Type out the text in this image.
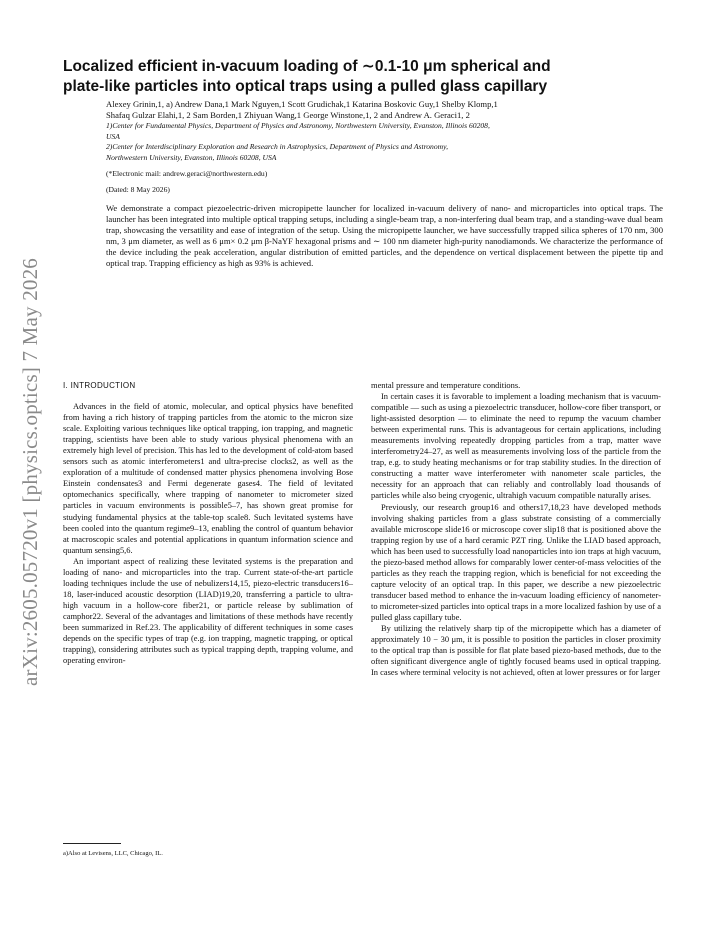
arXiv:2605.05720v1 [physics.optics] 7 May 2026
Localized efficient in-vacuum loading of ∼0.1-10 μm spherical and
plate-like particles into optical traps using a pulled glass capillary
Alexey Grinin,1, a) Andrew Dana,1 Mark Nguyen,1 Scott Grudichak,1 Katarina Boskovic Guy,1 Shelby Klomp,1
Shafaq Gulzar Elahi,1, 2 Sam Borden,1 Zhiyuan Wang,1 George Winstone,1, 2 and Andrew A. Geraci1, 2
1)Center for Fundamental Physics, Department of Physics and Astronomy, Northwestern University, Evanston, Illinois 60208,
USA
2)Center for Interdisciplinary Exploration and Research in Astrophysics, Department of Physics and Astronomy,
Northwestern University, Evanston, Illinois 60208, USA
(*Electronic mail: andrew.geraci@northwestern.edu)
(Dated: 8 May 2026)
We demonstrate a compact piezoelectric-driven micropipette launcher for localized in-vacuum delivery of nano- and microparticles into optical traps. The launcher has been integrated into multiple optical trapping setups, including a single-beam trap, a non-interfering dual beam trap, and a standing-wave dual beam trap, showcasing the versatility and ease of integration of the setup. Using the micropipette launcher, we have successfully trapped silica spheres of 170 nm, 300 nm, 3 μm diameter, as well as 6 μm× 0.2 μm β-NaYF hexagonal prisms and ∼ 100 nm diameter high-purity nanodiamonds. We characterize the performance of the device including the peak acceleration, angular distribution of emitted particles, and the dependence on vertical displacement between the pipette tip and optical trap. Trapping efficiency as high as 93% is achieved.
I. INTRODUCTION

Advances in the field of atomic, molecular, and optical physics have benefited from having a rich history of trapping particles from the atomic to the micron size scale. Exploiting various techniques like optical trapping, ion trapping, and magnetic trapping, scientists have been able to study various physical phenomena with an extremely high level of precision. This has led to the development of cold-atom based sensors such as atomic interferometers1 and ultra-precise clocks2, as well as the exploration of a multitude of condensed matter physics phenomena involving Bose Einstein condensates3 and Fermi degenerate gases4. The field of levitated optomechanics specifically, where trapping of nanometer to micrometer sized particles in vacuum environments is possible5–7, has shown great promise for studying fundamental physics at the table-top scale8. Such levitated systems have been cooled into the quantum regime9–13, enabling the control of quantum behavior at macroscopic scales and potential applications in quantum information science and quantum sensing5,6.

An important aspect of realizing these levitated systems is the preparation and loading of nano- and microparticles into the trap. Current state-of-the-art particle loading techniques include the use of nebulizers14,15, piezo-electric transducers16–18, laser-induced acoustic desorption (LIAD)19,20, transferring a particle to ultra-high vacuum in a hollow-core fiber21, or particle release by sublimation of camphor22. Several of the advantages and limitations of these methods have recently been summarized in Ref.23. The applicability of different techniques in some cases depends on the specific types of trap (e.g. ion trapping, magnetic trapping, or optical trapping), considering attributes such as typical trapping depth, trapping volume, and operating environ-

mental pressure and temperature conditions.

In certain cases it is favorable to implement a loading mechanism that is vacuum-compatible — such as using a piezoelectric transducer, hollow-core fiber transport, or light-assisted desorption — to eliminate the need to repump the vacuum chamber between experimental runs. This is advantageous for certain applications, including measurements involving repeatedly dropping particles from a trap, matter wave interferometry24–27, as well as measurements involving loss of the particle from the trap, e.g. to study heating mechanisms or for trap stability studies. In the direction of constructing a matter wave interferometer with nanometer scale particles, the necessity for an approach that can reliably and controllably load thousands of particles while also being cryogenic, ultrahigh vacuum compatible naturally arises.

Previously, our research group16 and others17,18,23 have developed methods involving shaking particles from a glass substrate consisting of a commercially available microscope slide16 or microscope cover slip18 that is positioned above the trapping region by use of a hard ceramic PZT ring. Unlike the LIAD based approach, which has been used to successfully load nanoparticles into ion traps at high vacuum, the piezo-based method allows for comparably lower center-of-mass velocities of the particles as they reach the trapping region, which is beneficial for not exceeding the capture velocity of an optical trap. In this paper, we describe a new piezoelectric transducer based method to enhance the in-vacuum loading efficiency of nanometer- to micrometer-sized particles into optical traps in a more localized fashion by use of a pulled glass capillary tube.

By utilizing the relatively sharp tip of the micropipette which has a diameter of approximately 10 − 30 μm, it is possible to position the particles in closer proximity to the optical trap than is possible for flat plate based piezo-based methods, due to the often significant divergence angle of tightly focused beams used in optical trapping. In cases where terminal velocity is not achieved, often at lower pressures or for larger

a)Also at Levisens, LLC, Chicago, IL.
